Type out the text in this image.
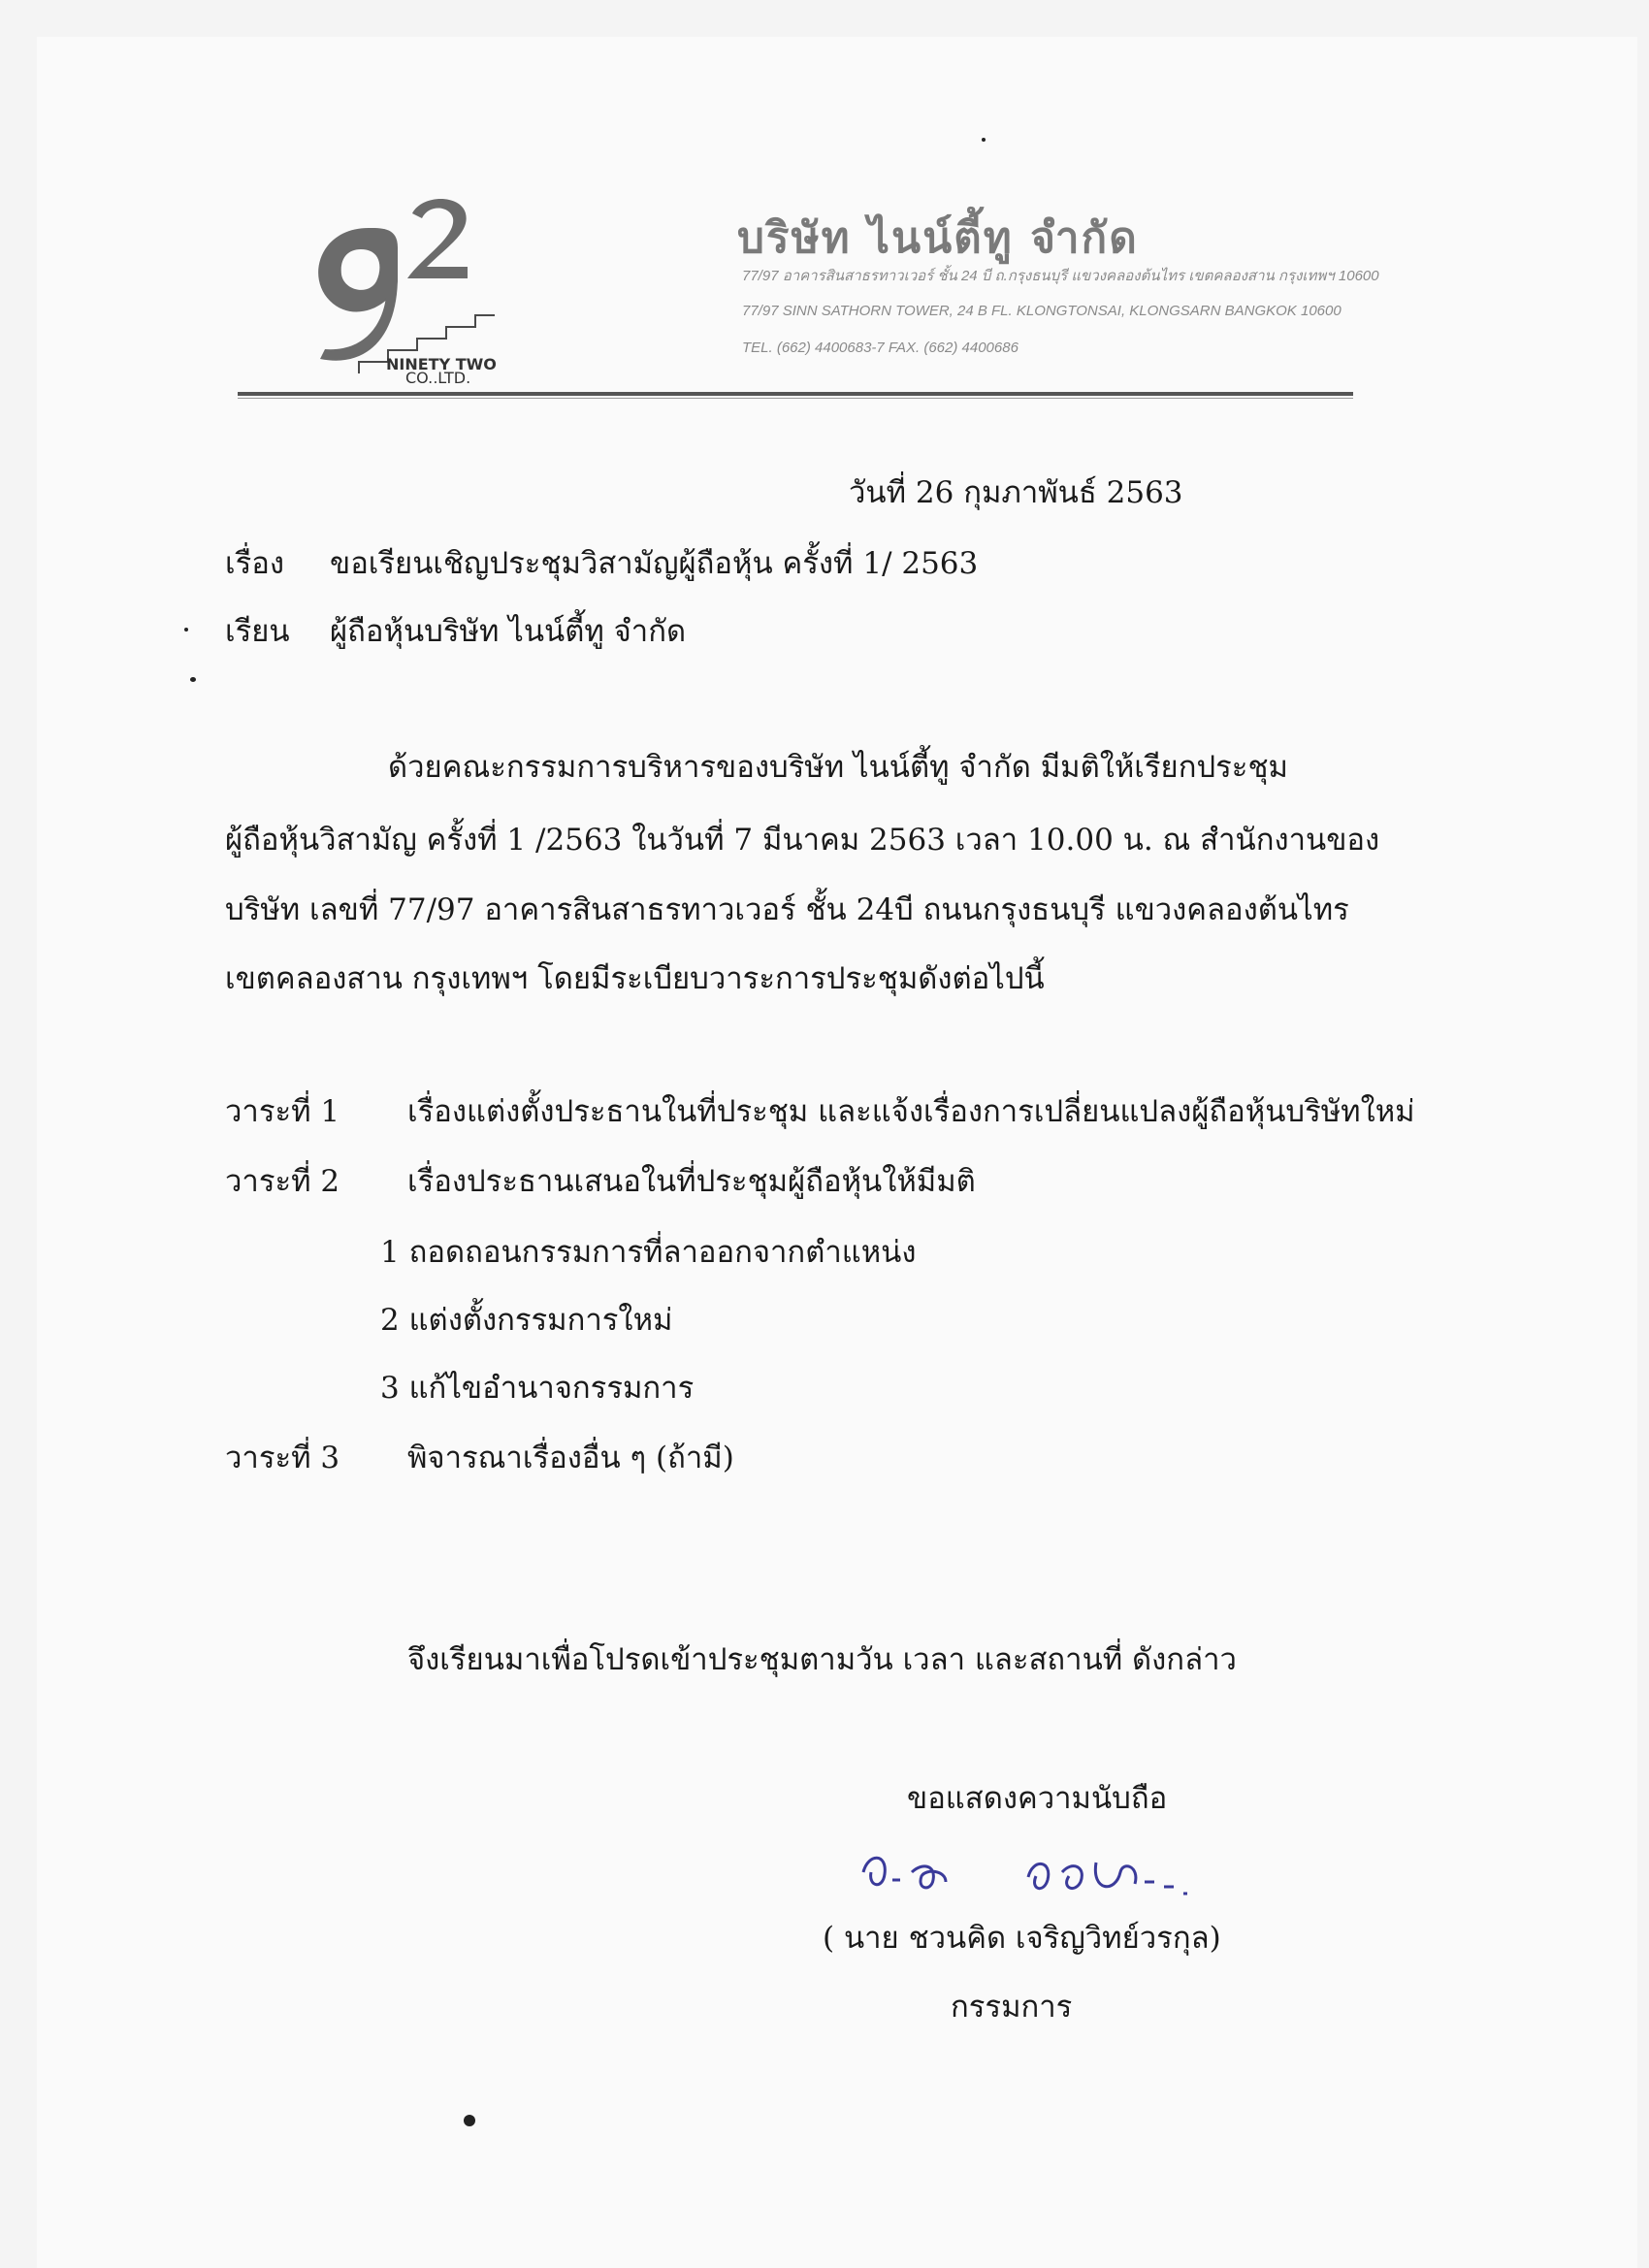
NINETY TWO
CO.,LTD.
บริษัท ไนน์ตี้ทู จำกัด
77/97 อาคารสินสาธรทาวเวอร์ ชั้น 24 บี ถ.กรุงธนบุรี แขวงคลองต้นไทร เขตคลองสาน กรุงเทพฯ 10600
77/97 SINN SATHORN TOWER, 24 B FL. KLONGTONSAI, KLONGSARN BANGKOK 10600
TEL. (662) 4400683-7 FAX. (662) 4400686
วันที่ 26 กุมภาพันธ์ 2563
เรื่อง ขอเรียนเชิญประชุมวิสามัญผู้ถือหุ้น ครั้งที่ 1/ 2563
เรียน ผู้ถือหุ้นบริษัท ไนน์ตี้ทู จำกัด
ด้วยคณะกรรมการบริหารของบริษัท ไนน์ตี้ทู จำกัด มีมติให้เรียกประชุม
ผู้ถือหุ้นวิสามัญ ครั้งที่ 1 /2563 ในวันที่ 7 มีนาคม 2563 เวลา 10.00 น. ณ สำนักงานของ
บริษัท เลขที่ 77/97 อาคารสินสาธรทาวเวอร์ ชั้น 24บี ถนนกรุงธนบุรี แขวงคลองต้นไทร
เขตคลองสาน กรุงเทพฯ โดยมีระเบียบวาระการประชุมดังต่อไปนี้
วาระที่ 1 เรื่องแต่งตั้งประธานในที่ประชุม และแจ้งเรื่องการเปลี่ยนแปลงผู้ถือหุ้นบริษัทใหม่
วาระที่ 2 เรื่องประธานเสนอในที่ประชุมผู้ถือหุ้นให้มีมติ
1 ถอดถอนกรรมการที่ลาออกจากตำแหน่ง
2 แต่งตั้งกรรมการใหม่
3 แก้ไขอำนาจกรรมการ
วาระที่ 3 พิจารณาเรื่องอื่น ๆ (ถ้ามี)
จึงเรียนมาเพื่อโปรดเข้าประชุมตามวัน เวลา และสถานที่ ดังกล่าว
ขอแสดงความนับถือ
( นาย ชวนคิด เจริญวิทย์วรกุล)
กรรมการ
